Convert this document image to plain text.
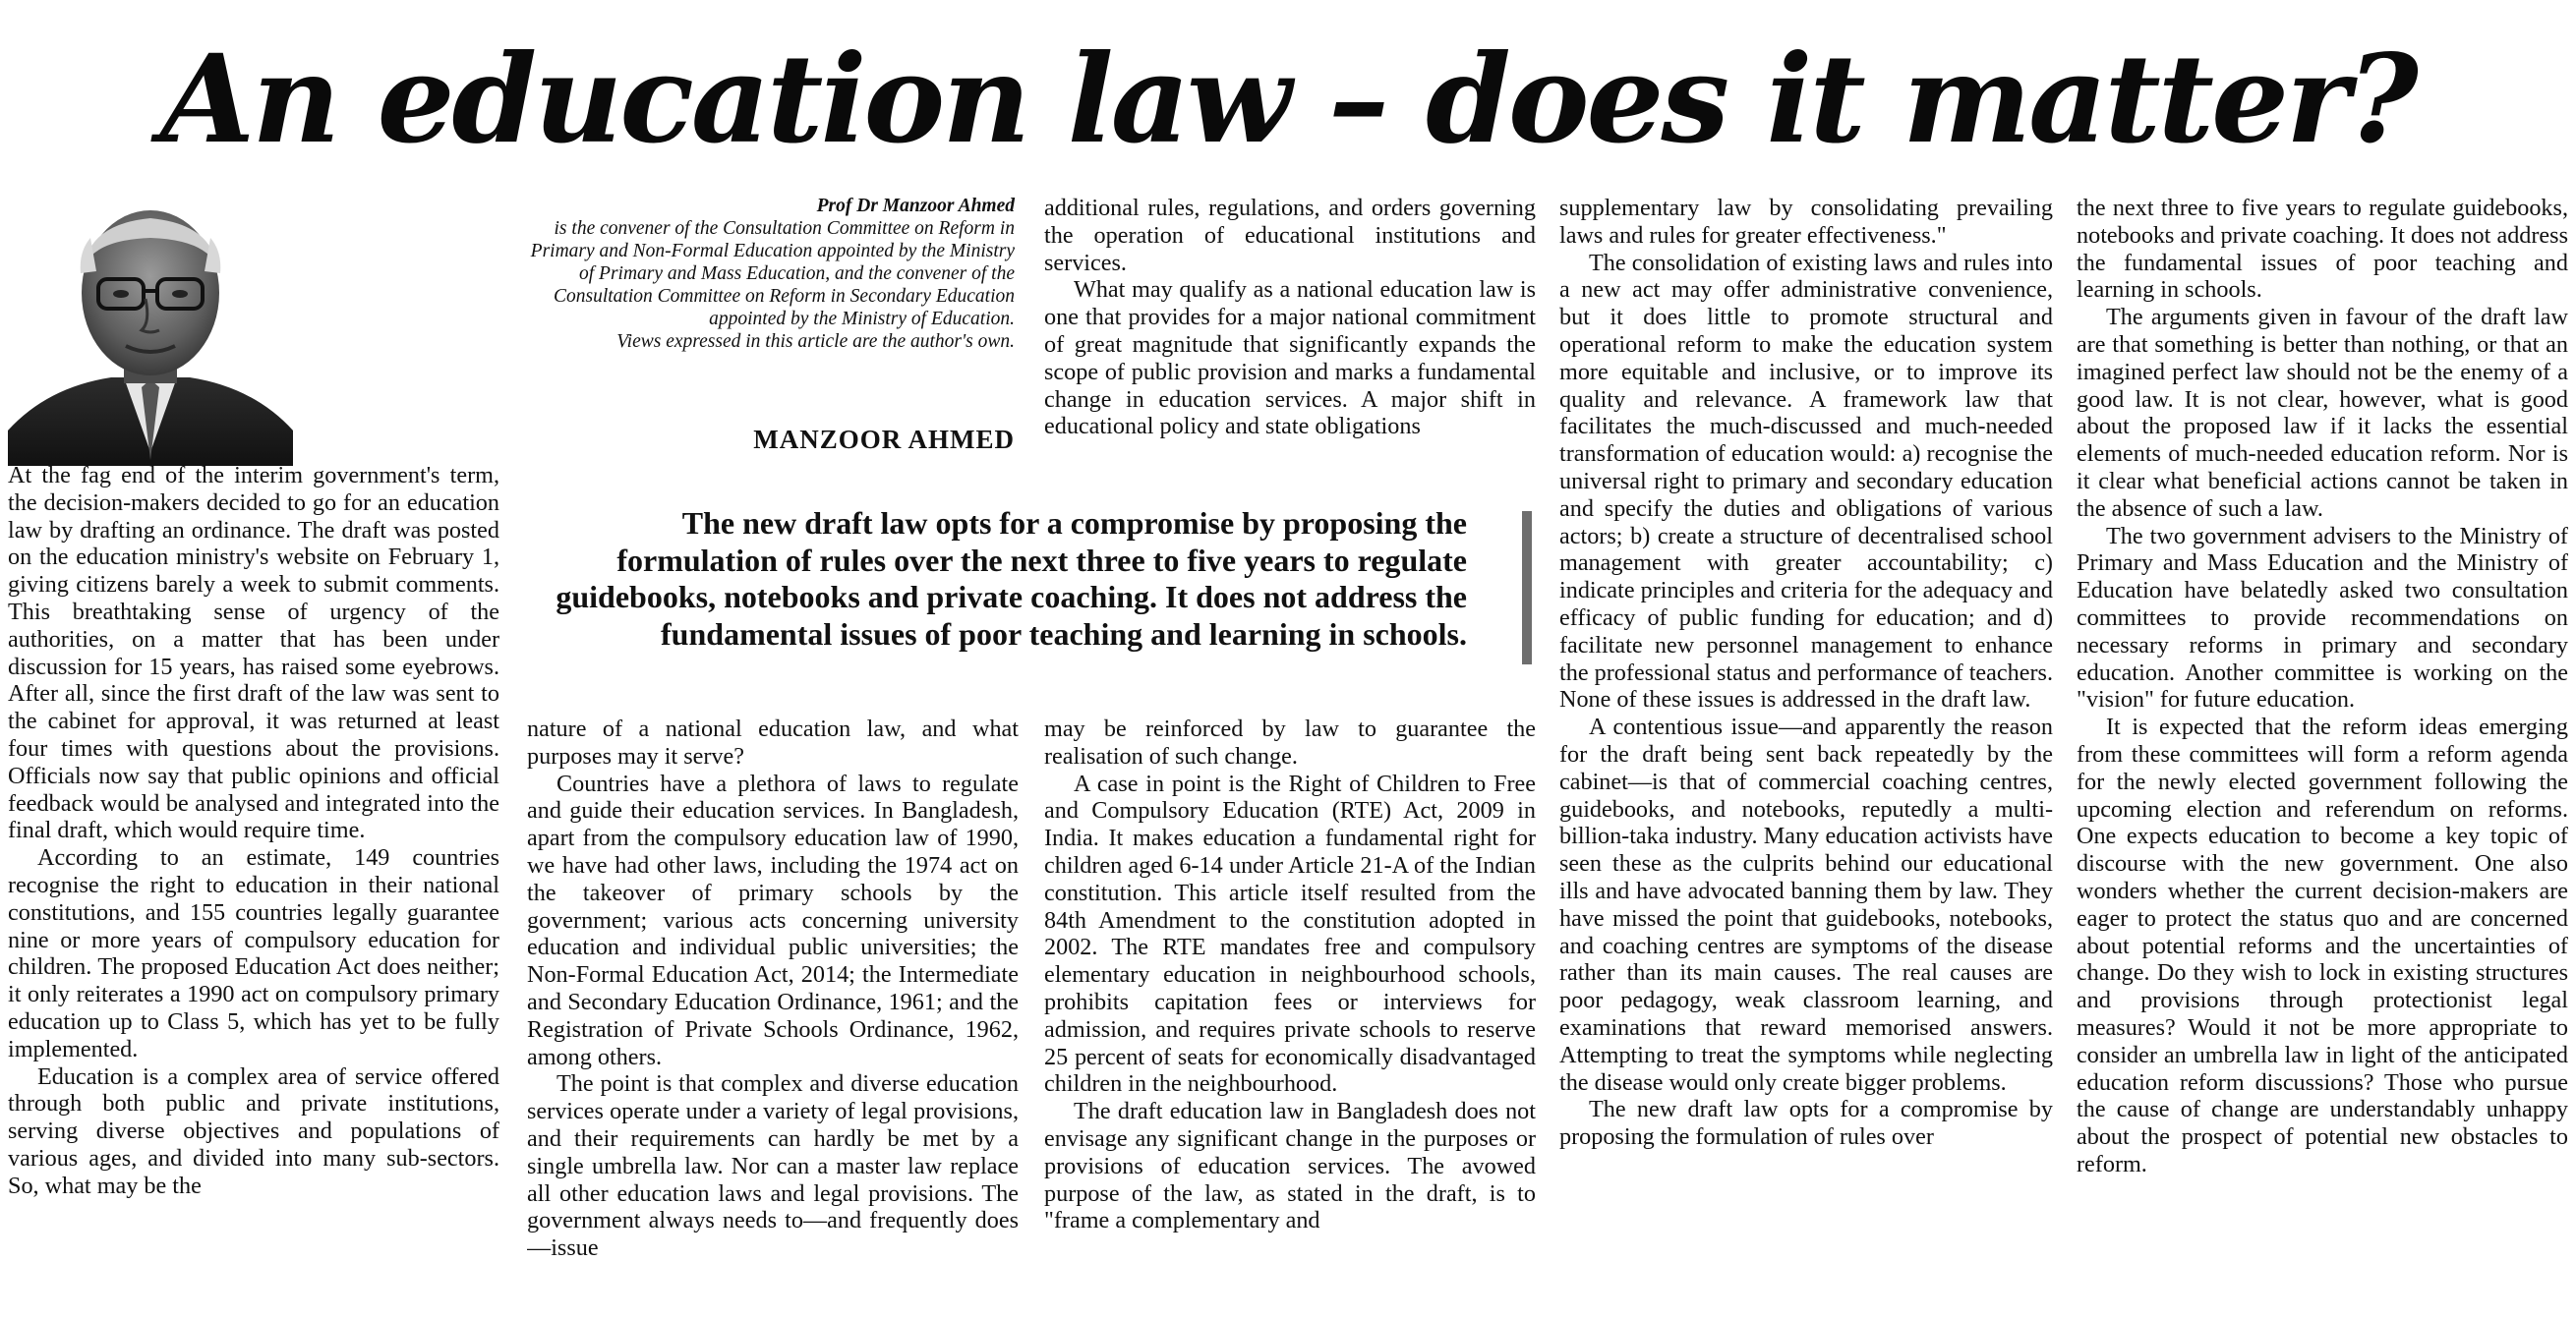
An education law – does it matter?
Prof Dr Manzoor Ahmed
is the convener of the Consultation Committee on Reform in Primary and Non-Formal Education appointed by the Ministry of Primary and Mass Education, and the convener of the Consultation Committee on Reform in Secondary Education appointed by the Ministry of Education.
Views expressed in this article are the author's own.
MANZOOR AHMED
The new draft law opts for a compromise by proposing the formulation of rules over the next three to five years to regulate guidebooks, notebooks and private coaching. It does not address the fundamental issues of poor teaching and learning in schools.

At the fag end of the interim government's term, the decision-makers decided to go for an education law by drafting an ordinance. The draft was posted on the education ministry's website on February 1, giving citizens barely a week to submit comments. This breathtaking sense of urgency of the authorities, on a matter that has been under discussion for 15 years, has raised some eyebrows. After all, since the first draft of the law was sent to the cabinet for approval, it was returned at least four times with questions about the provisions. Officials now say that public opinions and official feedback would be analysed and integrated into the final draft, which would require time.

According to an estimate, 149 countries recognise the right to education in their national constitutions, and 155 countries legally guarantee nine or more years of compulsory education for children. The proposed Education Act does neither; it only reiterates a 1990 act on compulsory primary education up to Class 5, which has yet to be fully implemented.

Education is a complex area of service offered through both public and private institutions, serving diverse objectives and populations of various ages, and divided into many sub-sectors. So, what may be the

additional rules, regulations, and orders governing the operation of educational institutions and services.

What may qualify as a national education law is one that provides for a major national commitment of great magnitude that significantly expands the scope of public provision and marks a fundamental change in education services. A major shift in educational policy and state obligations

nature of a national education law, and what purposes may it serve?

Countries have a plethora of laws to regulate and guide their education services. In Bangladesh, apart from the compulsory education law of 1990, we have had other laws, including the 1974 act on the takeover of primary schools by the government; various acts concerning university education and individual public universities; the Non-Formal Education Act, 2014; the Intermediate and Secondary Education Ordinance, 1961; and the Registration of Private Schools Ordinance, 1962, among others.

The point is that complex and diverse education services operate under a variety of legal provisions, and their requirements can hardly be met by a single umbrella law. Nor can a master law replace all other education laws and legal provisions. The government always needs to—and frequently does—issue

may be reinforced by law to guarantee the realisation of such change.

A case in point is the Right of Children to Free and Compulsory Education (RTE) Act, 2009 in India. It makes education a fundamental right for children aged 6-14 under Article 21-A of the Indian constitution. This article itself resulted from the 84th Amendment to the constitution adopted in 2002. The RTE mandates free and compulsory elementary education in neighbourhood schools, prohibits capitation fees or interviews for admission, and requires private schools to reserve 25 percent of seats for economically disadvantaged children in the neighbourhood.

The draft education law in Bangladesh does not envisage any significant change in the purposes or provisions of education services. The avowed purpose of the law, as stated in the draft, is to "frame a complementary and

supplementary law by consolidating prevailing laws and rules for greater effectiveness."

The consolidation of existing laws and rules into a new act may offer administrative convenience, but it does little to promote structural and operational reform to make the education system more equitable and inclusive, or to improve its quality and relevance. A framework law that facilitates the much-discussed and much-needed transformation of education would: a) recognise the universal right to primary and secondary education and specify the duties and obligations of various actors; b) create a structure of decentralised school management with greater accountability; c) indicate principles and criteria for the adequacy and efficacy of public funding for education; and d) facilitate new personnel management to enhance the professional status and performance of teachers. None of these issues is addressed in the draft law.

A contentious issue—and apparently the reason for the draft being sent back repeatedly by the cabinet—is that of commercial coaching centres, guidebooks, and notebooks, reputedly a multi-billion-taka industry. Many education activists have seen these as the culprits behind our educational ills and have advocated banning them by law. They have missed the point that guidebooks, notebooks, and coaching centres are symptoms of the disease rather than its main causes. The real causes are poor pedagogy, weak classroom learning, and examinations that reward memorised answers. Attempting to treat the symptoms while neglecting the disease would only create bigger problems.

The new draft law opts for a compromise by proposing the formulation of rules over

the next three to five years to regulate guidebooks, notebooks and private coaching. It does not address the fundamental issues of poor teaching and learning in schools.

The arguments given in favour of the draft law are that something is better than nothing, or that an imagined perfect law should not be the enemy of a good law. It is not clear, however, what is good about the proposed law if it lacks the essential elements of much-needed education reform. Nor is it clear what beneficial actions cannot be taken in the absence of such a law.

The two government advisers to the Ministry of Primary and Mass Education and the Ministry of Education have belatedly asked two consultation committees to provide recommendations on necessary reforms in primary and secondary education. Another committee is working on the "vision" for future education.

It is expected that the reform ideas emerging from these committees will form a reform agenda for the newly elected government following the upcoming election and referendum on reforms. One expects education to become a key topic of discourse with the new government. One also wonders whether the current decision-makers are eager to protect the status quo and are concerned about potential reforms and the uncertainties of change. Do they wish to lock in existing structures and provisions through protectionist legal measures? Would it not be more appropriate to consider an umbrella law in light of the anticipated education reform discussions? Those who pursue the cause of change are understandably unhappy about the prospect of potential new obstacles to reform.
